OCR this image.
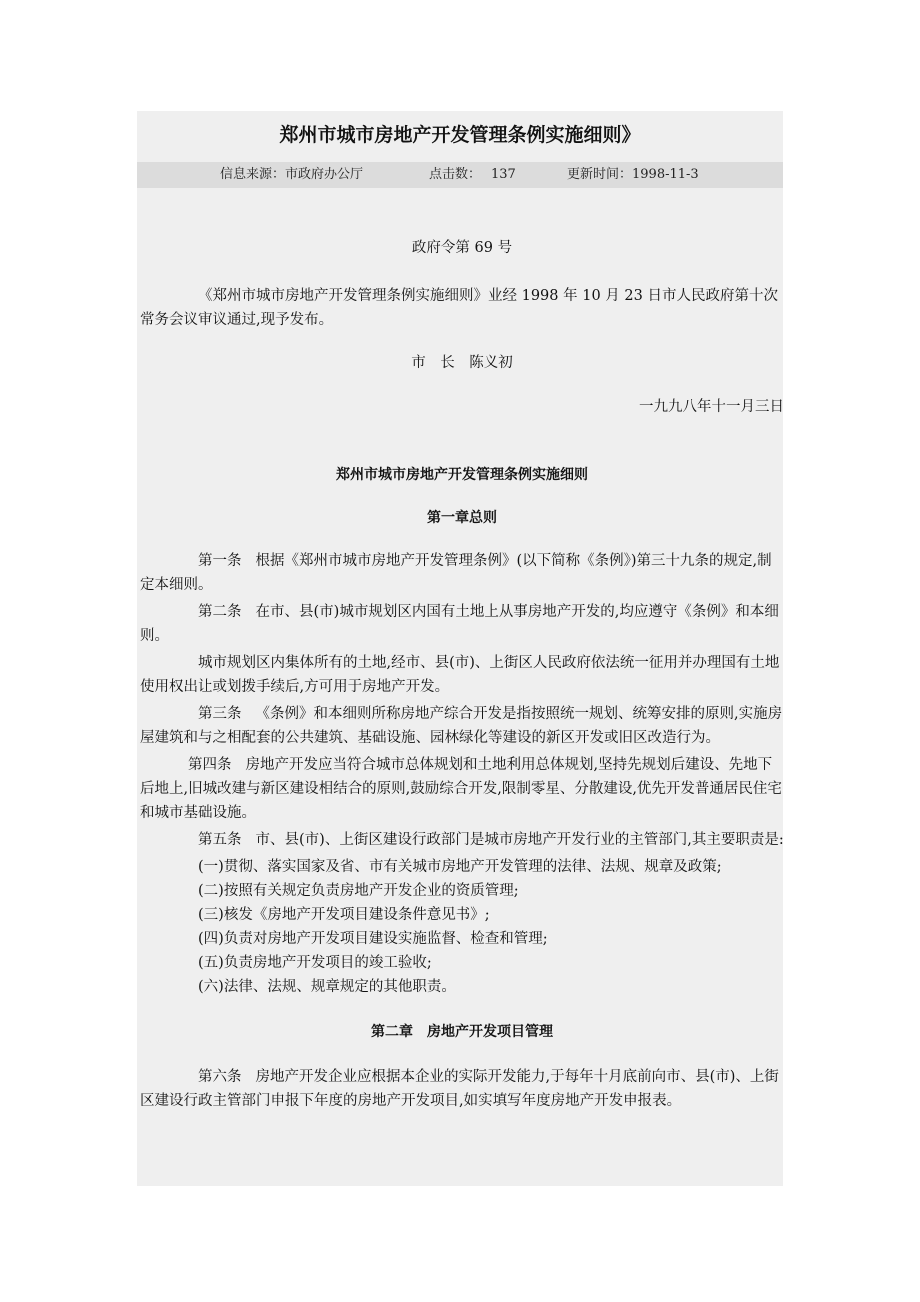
郑州市城市房地产开发管理条例实施细则》
信息来源：市政府办公厅	点击数： 137	更新时间：1998-11-3

政府令第 69 号

《郑州市城市房地产开发管理条例实施细则》业经 1998 年 10 月 23 日市人民政府第十次常务会议审议通过,现予发布。

市　长　陈义初

一九九八年十一月三日

郑州市城市房地产开发管理条例实施细则

第一章总则

第一条 根据《郑州市城市房地产开发管理条例》(以下简称《条例》)第三十九条的规定,制定本细则。

第二条 在市、县(市)城市规划区内国有土地上从事房地产开发的,均应遵守《条例》和本细则。

城市规划区内集体所有的土地,经市、县(市)、上街区人民政府依法统一征用并办理国有土地使用权出让或划拨手续后,方可用于房地产开发。

第三条 《条例》和本细则所称房地产综合开发是指按照统一规划、统筹安排的原则,实施房屋建筑和与之相配套的公共建筑、基础设施、园林绿化等建设的新区开发或旧区改造行为。

第四条 房地产开发应当符合城市总体规划和土地利用总体规划,坚持先规划后建设、先地下后地上,旧城改建与新区建设相结合的原则,鼓励综合开发,限制零星、分散建设,优先开发普通居民住宅和城市基础设施。

第五条 市、县(市)、上街区建设行政部门是城市房地产开发行业的主管部门,其主要职责是:

(一)贯彻、落实国家及省、市有关城市房地产开发管理的法律、法规、规章及政策;

(二)按照有关规定负责房地产开发企业的资质管理;

(三)核发《房地产开发项目建设条件意见书》;

(四)负责对房地产开发项目建设实施监督、检查和管理;

(五)负责房地产开发项目的竣工验收;

(六)法律、法规、规章规定的其他职责。

第二章　房地产开发项目管理

第六条 房地产开发企业应根据本企业的实际开发能力,于每年十月底前向市、县(市)、上街区建设行政主管部门申报下年度的房地产开发项目,如实填写年度房地产开发申报表。
